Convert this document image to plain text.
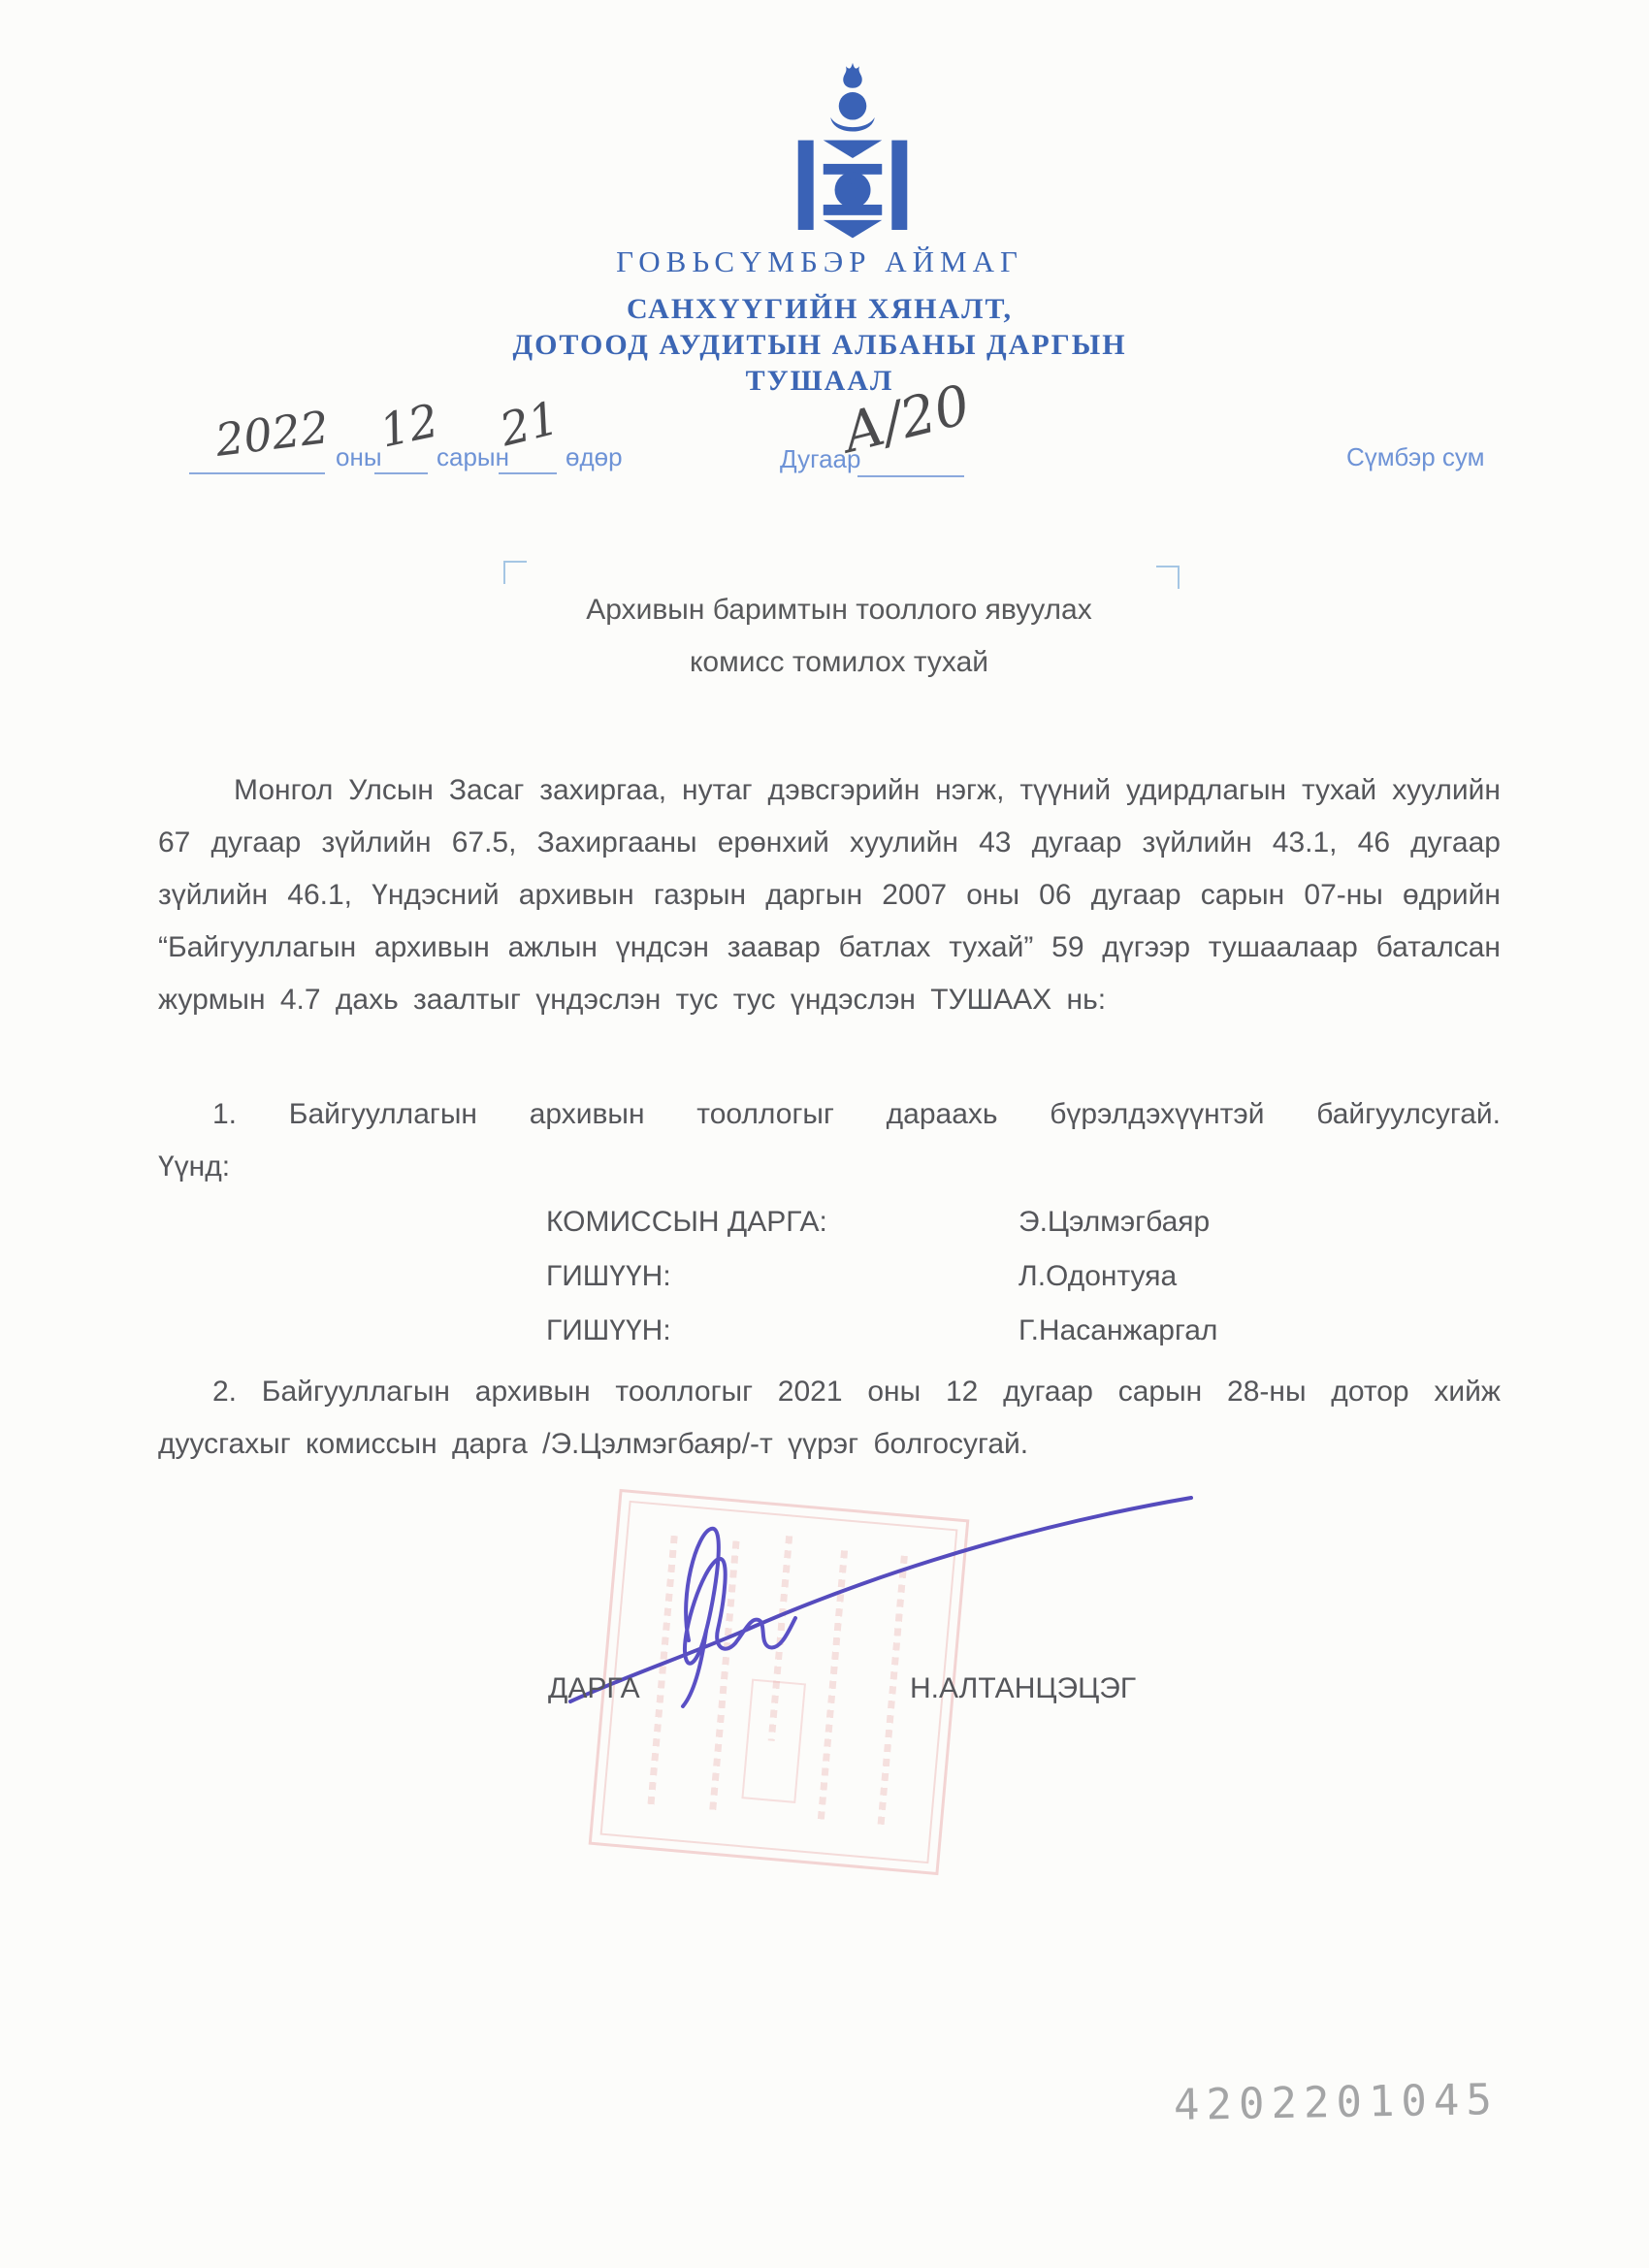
ГОВЬСҮМБЭР АЙМАГ
САНХҮҮГИЙН ХЯНАЛТ,
ДОТООД АУДИТЫН АЛБАНЫ ДАРГЫН
ТУШААЛ
2022 оны
12
сарын
21 өдөр	Дугаар
А/20	Сүмбэр сум
Архивын баримтын тооллого явуулах
комисс томилох тухай
Монгол Улсын Засаг захиргаа, нутаг дэвсгэрийн нэгж, түүний удирдлагын тухай хуулийн 67 дугаар зүйлийн 67.5, Захиргааны ерөнхий хуулийн 43 дугаар зүйлийн 43.1, 46 дугаар зүйлийн 46.1, Үндэсний архивын газрын даргын 2007 оны 06 дугаар сарын 07-ны өдрийн “Байгууллагын архивын ажлын үндсэн заавар батлах тухай” 59 дүгээр тушаалаар баталсан журмын 4.7 дахь заалтыг үндэслэн тус тус үндэслэн ТУШААХ нь:
1. Байгууллагын архивын тооллогыг дараахь бүрэлдэхүүнтэй байгуулсугай.
Үүнд:
КОМИССЫН ДАРГА:	Э.Цэлмэгбаяр
ГИШҮҮН:	Л.Одонтуяа
ГИШҮҮН:	Г.Насанжаргал
2. Байгууллагын архивын тооллогыг 2021 оны 12 дугаар сарын 28-ны дотор хийж дуусгахыг комиссын дарга /Э.Цэлмэгбаяр/-т үүрэг болгосугай.
ДАРГА	Н.АЛТАНЦЭЦЭГ
4202201045
